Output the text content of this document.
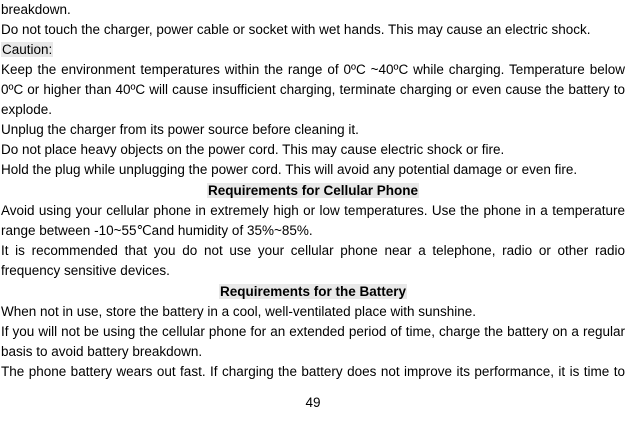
breakdown.

Do not touch the charger, power cable or socket with wet hands. This may cause an electric shock.

Caution:

Keep the environment temperatures within the range of 0ºC ~40ºC while charging. Temperature below

0ºC or higher than 40ºC will cause insufficient charging, terminate charging or even cause the battery to

explode.

Unplug the charger from its power source before cleaning it.

Do not place heavy objects on the power cord. This may cause electric shock or fire.

Hold the plug while unplugging the power cord. This will avoid any potential damage or even fire.

Requirements for Cellular Phone

Avoid using your cellular phone in extremely high or low temperatures. Use the phone in a temperature

range between -10~55℃and humidity of 35%~85%.

It is recommended that you do not use your cellular phone near a telephone, radio or other radio

frequency sensitive devices.

Requirements for the Battery

When not in use, store the battery in a cool, well-ventilated place with sunshine.

If you will not be using the cellular phone for an extended period of time, charge the battery on a regular

basis to avoid battery breakdown.

The phone battery wears out fast. If charging the battery does not improve its performance, it is time to

49
